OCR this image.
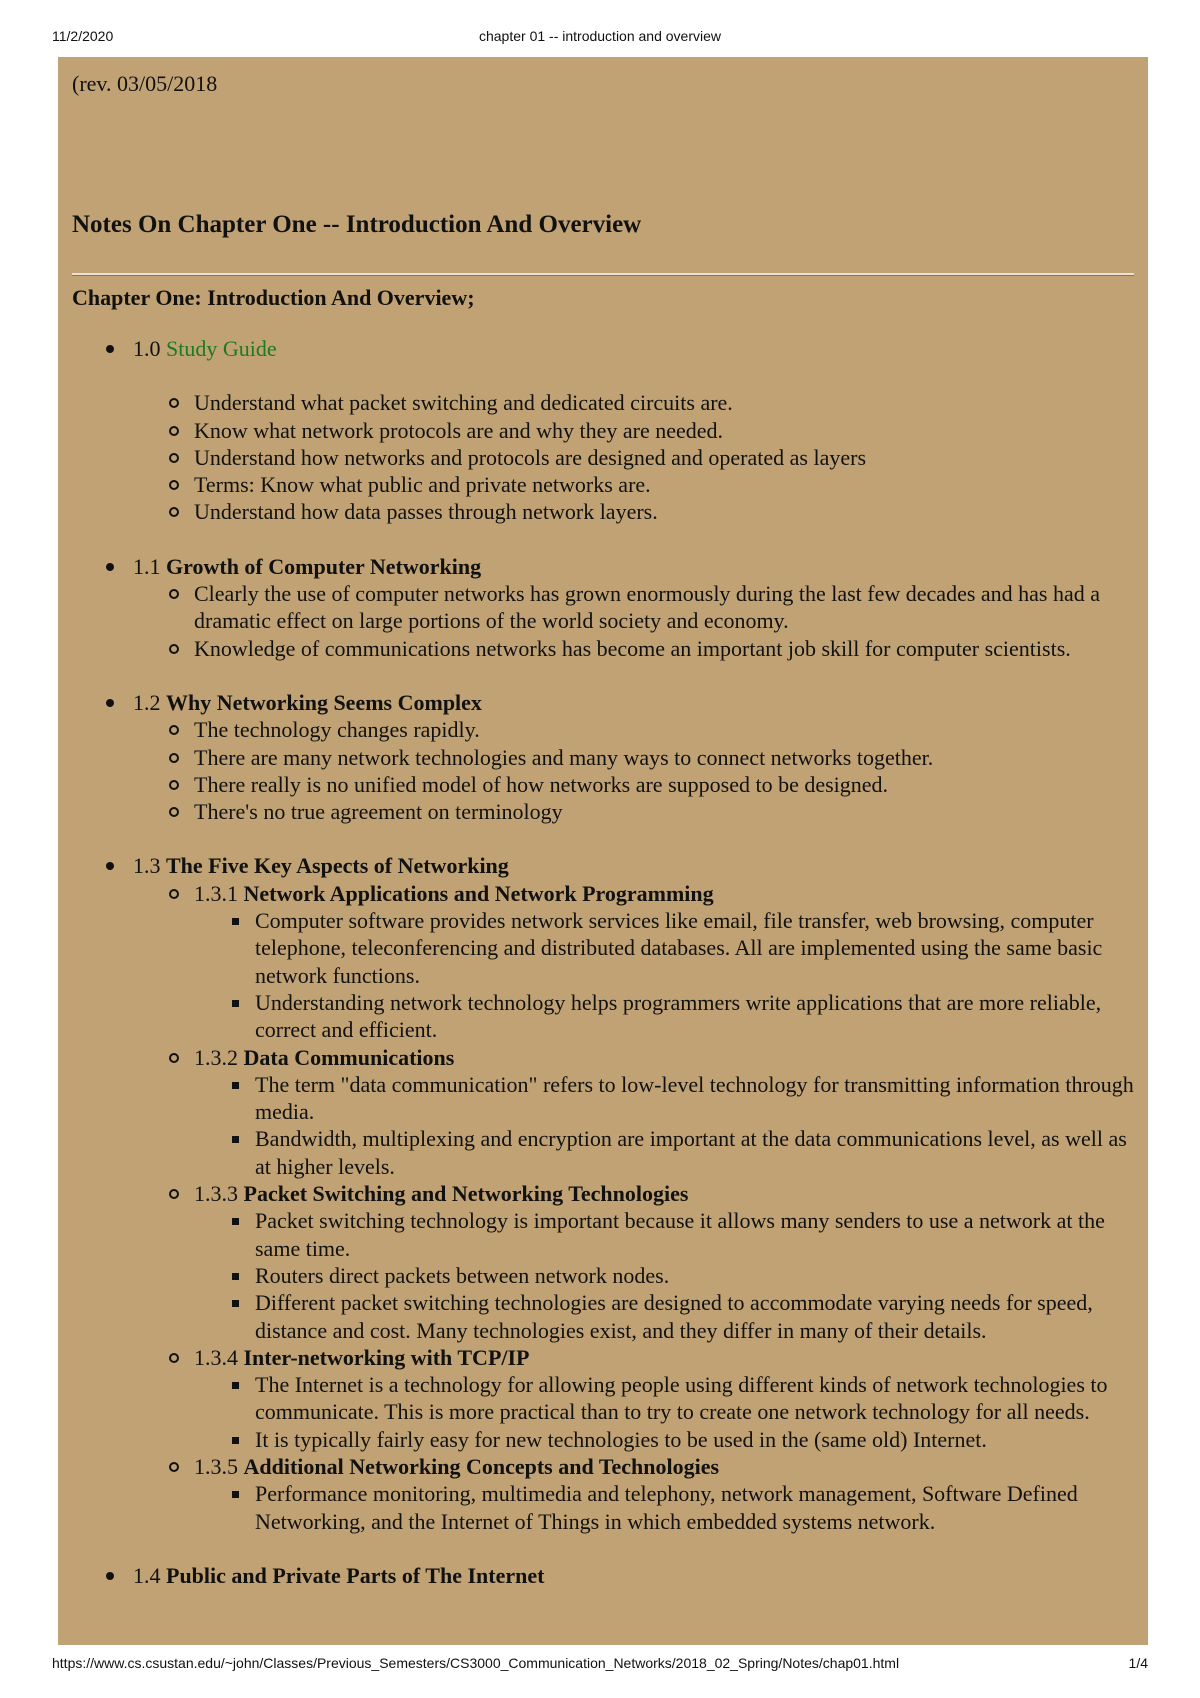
11/2/2020	chapter 01 -- introduction and overview
(rev. 03/05/2018
Notes On Chapter One -- Introduction And Overview
Chapter One: Introduction And Overview;
1.0 Study Guide
Understand what packet switching and dedicated circuits are.
Know what network protocols are and why they are needed.
Understand how networks and protocols are designed and operated as layers
Terms: Know what public and private networks are.
Understand how data passes through network layers.
1.1 Growth of Computer Networking
Clearly the use of computer networks has grown enormously during the last few decades and has had a dramatic effect on large portions of the world society and economy.
Knowledge of communications networks has become an important job skill for computer scientists.
1.2 Why Networking Seems Complex
The technology changes rapidly.
There are many network technologies and many ways to connect networks together.
There really is no unified model of how networks are supposed to be designed.
There's no true agreement on terminology
1.3 The Five Key Aspects of Networking
1.3.1 Network Applications and Network Programming
Computer software provides network services like email, file transfer, web browsing, computer telephone, teleconferencing and distributed databases. All are implemented using the same basic network functions.
Understanding network technology helps programmers write applications that are more reliable, correct and efficient.
1.3.2 Data Communications
The term "data communication" refers to low-level technology for transmitting information through media.
Bandwidth, multiplexing and encryption are important at the data communications level, as well as at higher levels.
1.3.3 Packet Switching and Networking Technologies
Packet switching technology is important because it allows many senders to use a network at the same time.
Routers direct packets between network nodes.
Different packet switching technologies are designed to accommodate varying needs for speed, distance and cost. Many technologies exist, and they differ in many of their details.
1.3.4 Inter-networking with TCP/IP
The Internet is a technology for allowing people using different kinds of network technologies to communicate. This is more practical than to try to create one network technology for all needs.
It is typically fairly easy for new technologies to be used in the (same old) Internet.
1.3.5 Additional Networking Concepts and Technologies
Performance monitoring, multimedia and telephony, network management, Software Defined Networking, and the Internet of Things in which embedded systems network.
1.4 Public and Private Parts of The Internet
https://www.cs.csustan.edu/~john/Classes/Previous_Semesters/CS3000_Communication_Networks/2018_02_Spring/Notes/chap01.html	1/4
